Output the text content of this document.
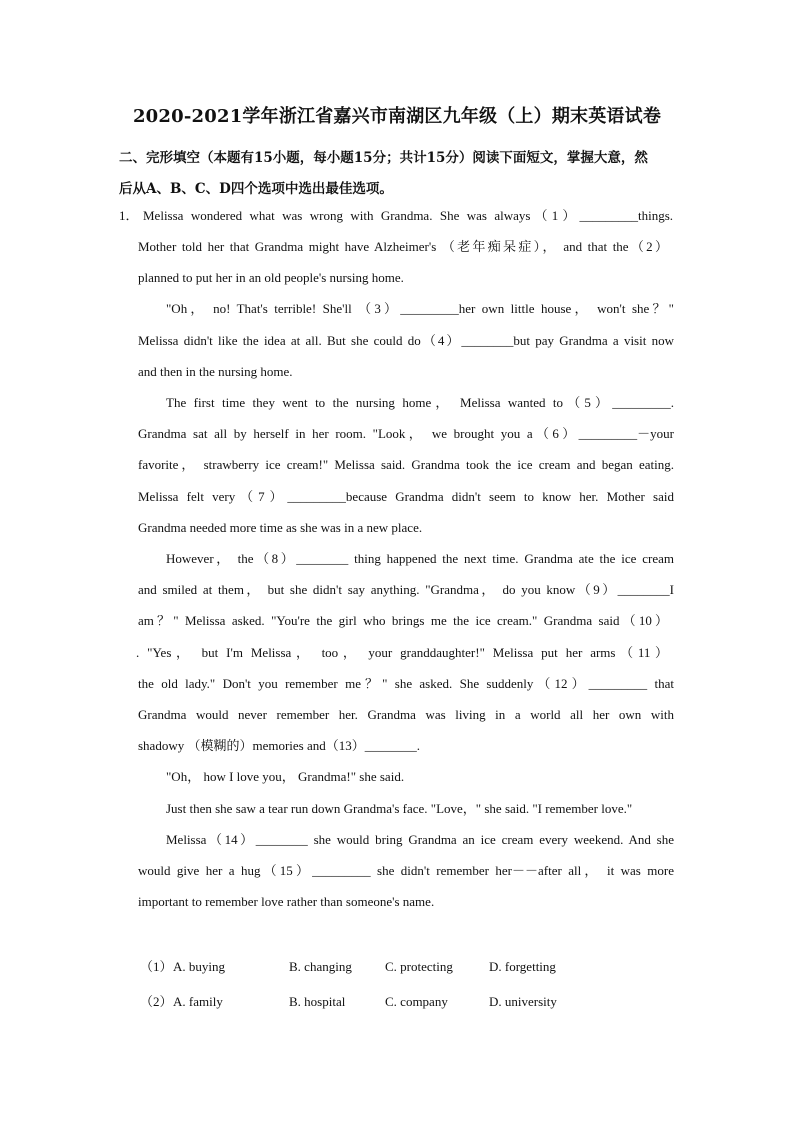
2020-2021学年浙江省嘉兴市南湖区九年级（上）期末英语试卷
二、完形填空（本题有15小题，每小题15分；共计15分）阅读下面短文，掌握大意，然
后从A、B、C、D四个选项中选出最佳选项。
1． Melissa wondered what was wrong with Grandma. She was always（1）_________things.
Mother told her that Grandma might have Alzheimer's （老年痴呆症）， and that the（2）
planned to put her in an old people's nursing home.
"Oh， no! That's terrible! She'll （3）_________her own little house， won't she？"
Melissa didn't like the idea at all. But she could do（4）________but pay Grandma a visit now
and then in the nursing home.
The first time they went to the nursing home， Melissa wanted to（5）_________.
Grandma sat all by herself in her room. "Look， we brought you a（6）_________－your
favorite， strawberry ice cream!" Melissa said. Grandma took the ice cream and began eating.
Melissa felt very（7）_________because Grandma didn't seem to know her. Mother said
Grandma needed more time as she was in a new place.
However， the（8）________ thing happened the next time. Grandma ate the ice cream
and smiled at them， but she didn't say anything. "Grandma， do you know（9）________I
am？" Melissa asked. "You're the girl who brings me the ice cream." Grandma said（10）
. "Yes， but I'm Melissa， too， your granddaughter!" Melissa put her arms（11）
the old lady." Don't you remember me？" she asked. She suddenly（12）_________ that
Grandma would never remember her. Grandma was living in a world all her own with
shadowy （模糊的）memories and（13）________.
"Oh， how I love you， Grandma!" she said.
Just then she saw a tear run down Grandma's face. "Love，" she said. "I remember love."
Melissa（14）________ she would bring Grandma an ice cream every weekend. And she
would give her a hug（15）_________ she didn't remember her－－after all， it was more
important to remember love rather than someone's name.
（1） A. buying	B. changing	C. protecting	D. forgetting
（2） A. family	B. hospital	C. company	D. university
